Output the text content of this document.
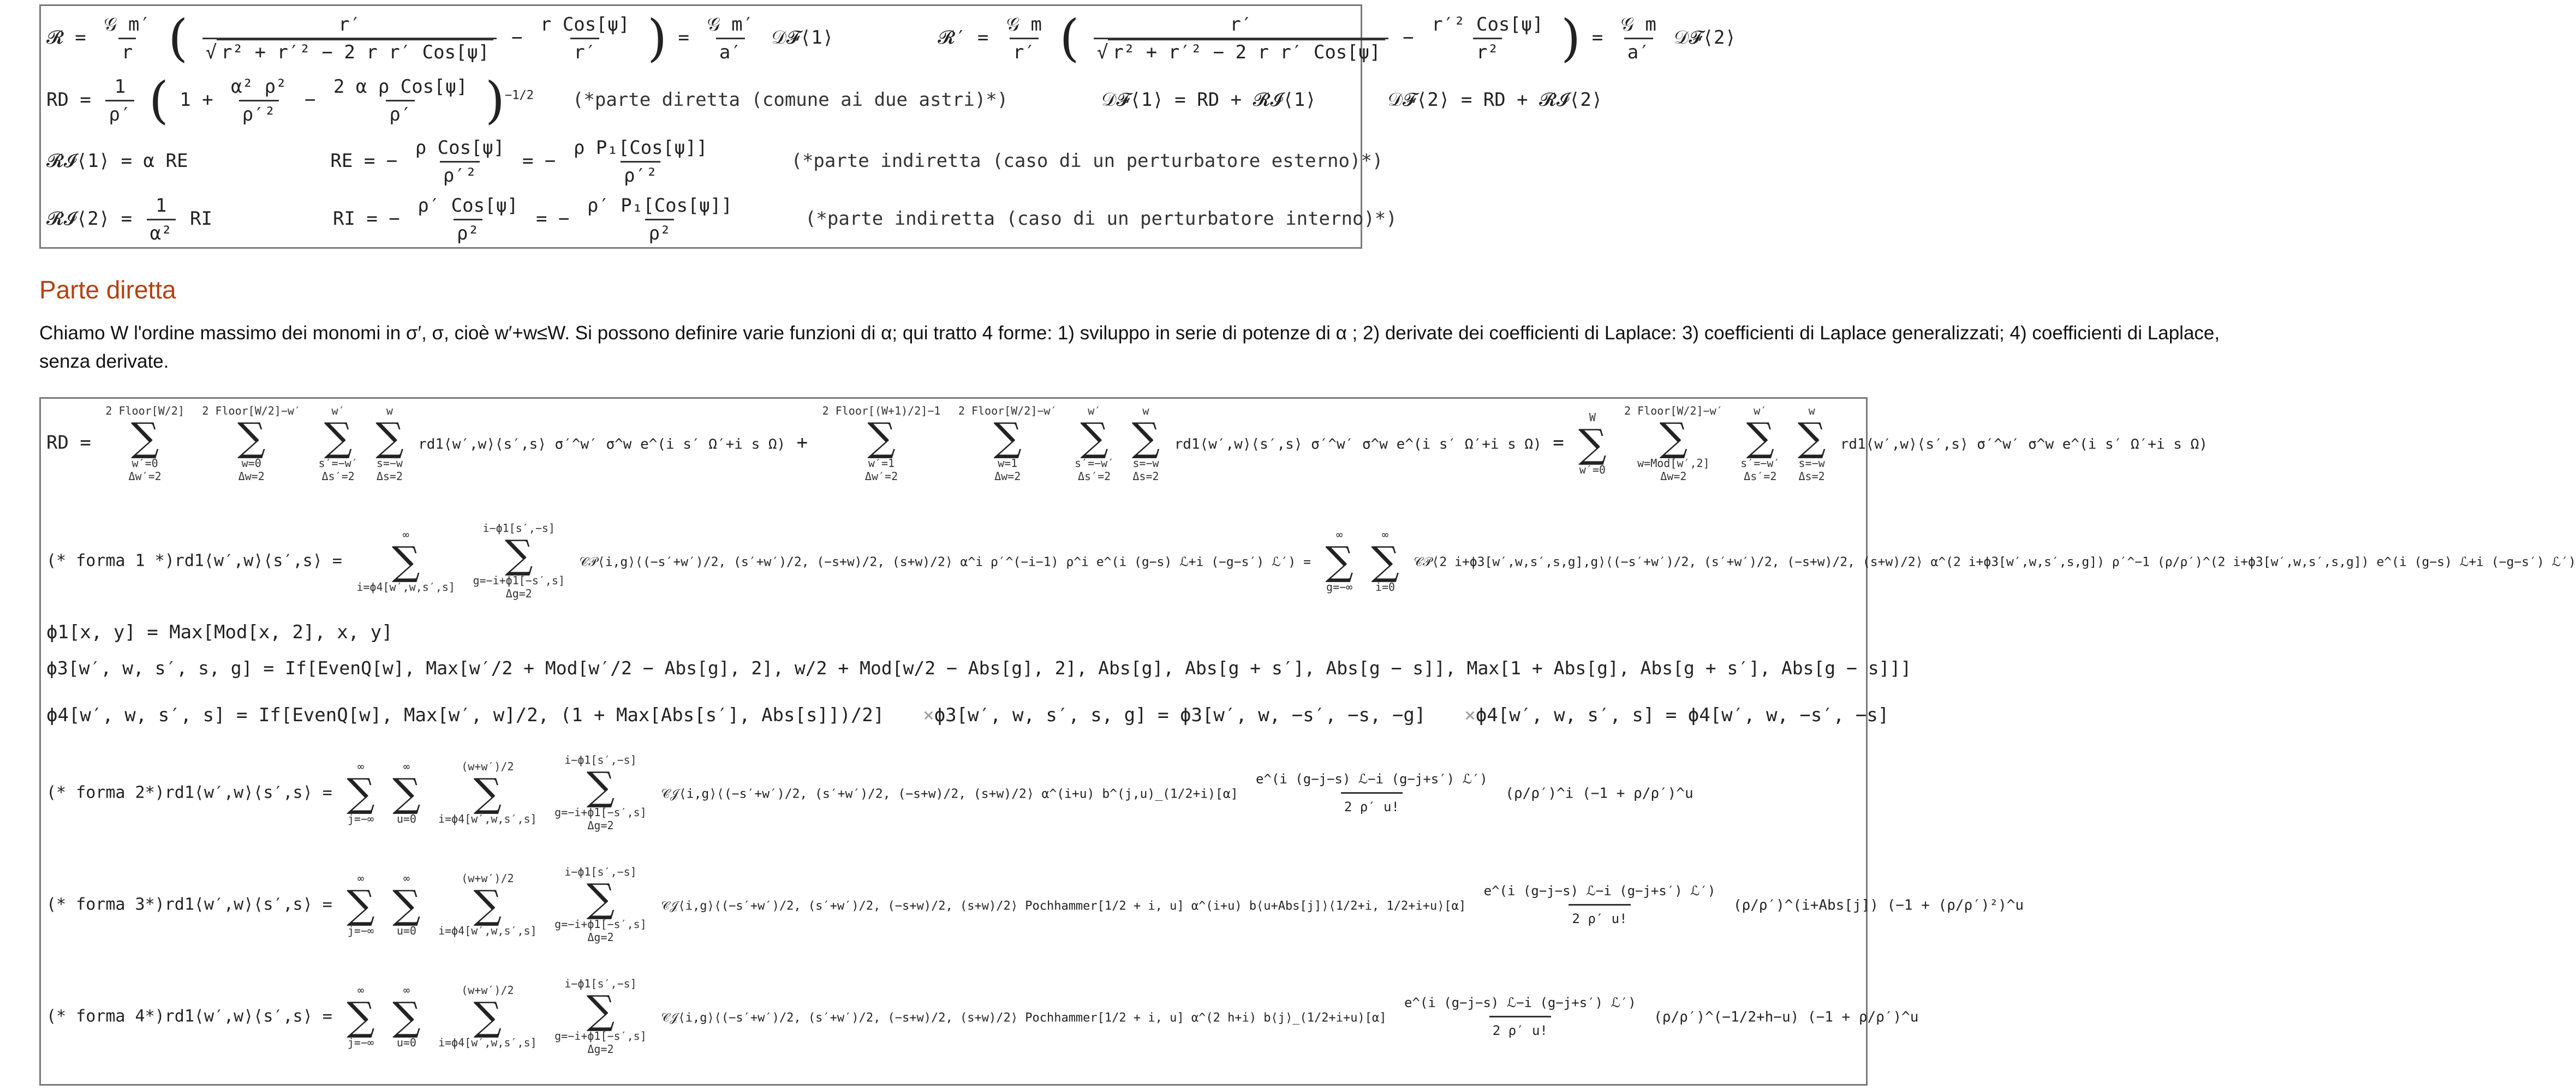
𝓡 = $\frac{\text{𝒢 m′}}{r}$ ( $\frac{r'}{\text{√ r² + r′² − 2 r r′ Cos[ψ]}} - \frac{\text{r Cos[ψ]}}{r'}$ ) = $\frac{\text{𝒢 m′}}{a'}$ 𝒟𝓕⟨1⟩	𝓡′ = $\frac{\text{𝒢 m}}{r'}$ ( $\frac{r'}{\text{√ r² + r′² − 2 r r′ Cos[ψ]}} - \frac{\text{r′² Cos[ψ]}}{\text{r²}}$ ) = $\frac{\text{𝒢 m}}{a'}$ 𝒟𝓕⟨2⟩
RD = $\frac{1}{\rho'}$ ( $1 + \frac{\text{α² ρ²}}{\text{ρ′²}} - \frac{\text{2 α ρ Cos[ψ]}}{\rho'} )^{-1/2}$ (*parte diretta (comune ai due astri)*)	𝒟𝓕⟨1⟩ = RD + 𝓡𝓘⟨1⟩	𝒟𝓕⟨2⟩ = RD + 𝓡𝓘⟨2⟩
𝓡𝓘⟨1⟩ = α RE	RE = − $\frac{\text{ρ Cos[ψ]}}{\text{ρ′²}}$ = − $\frac{\text{ρ P₁[Cos[ψ]]}}{\text{ρ′²}}$	(*parte indiretta (caso di un perturbatore esterno)*)
𝓡𝓘⟨2⟩ = $\frac{1}{\text{α²}}$ RI	RI = − $\frac{\text{ρ′ Cos[ψ]}}{\text{ρ²}}$ = − $\frac{\text{ρ′ P₁[Cos[ψ]]}}{\text{ρ²}}$	(*parte indiretta (caso di un perturbatore interno)*)
Parte diretta
Chiamo W l'ordine massimo dei monomi in σ′, σ, cioè w′+w≤W. Si possono definire varie funzioni di α; qui tratto 4 forme: 1) sviluppo in serie di potenze di α ; 2) derivate dei coefficienti di Laplace: 3) coefficienti di Laplace generalizzati; 4) coefficienti di Laplace, senza derivate.
RD =
2 Floor[W/2]
∑
w′=0
Δw′=2

2 Floor[W/2]−w′
∑
w=0
Δw=2

w′
∑
s′=−w′
Δs′=2

w
∑
s=−w
Δs=2
rd1⟨w′,w⟩⟨s′,s⟩ σ′^w′ σ^w e^(i s′ Ω′+i s Ω) +
2 Floor[(W+1)/2]−1
∑
w′=1
Δw′=2

2 Floor[W/2]−w′
∑
w=1
Δw=2

w′
∑
s′=−w′
Δs′=2

w
∑
s=−w
Δs=2
rd1⟨w′,w⟩⟨s′,s⟩ σ′^w′ σ^w e^(i s′ Ω′+i s Ω) =
W
∑
w′=0

2 Floor[W/2]−w′
∑
w=Mod[w′,2]
Δw=2

w′
∑
s′=−w′
Δs′=2

w
∑
s=−w
Δs=2
rd1⟨w′,w⟩⟨s′,s⟩ σ′^w′ σ^w e^(i s′ Ω′+i s Ω)
(* forma 1 *)rd1⟨w′,w⟩⟨s′,s⟩ =
∞
∑
i=ϕ4[w′,w,s′,s]

i−ϕ1[s′,−s]
∑
g=−i+ϕ1[−s′,s]
Δg=2
𝒞𝒫⟨i,g⟩⟨(−s′+w′)/2, (s′+w′)/2, (−s+w)/2, (s+w)/2⟩ α^i ρ′^(−i−1) ρ^i e^(i (g−s) ℒ+i (−g−s′) ℒ′) =
∞
∑
g=−∞

∞
∑
i=0
𝒞𝒫⟨2 i+ϕ3[w′,w,s′,s,g],g⟩⟨(−s′+w′)/2, (s′+w′)/2, (−s+w)/2, (s+w)/2⟩ α^(2 i+ϕ3[w′,w,s′,s,g]) ρ′^−1 (ρ/ρ′)^(2 i+ϕ3[w′,w,s′,s,g]) e^(i (g−s) ℒ+i (−g−s′) ℒ′)
ϕ1[x, y] = Max[Mod[x, 2], x, y]
ϕ3[w′, w, s′, s, g] = If[EvenQ[w], Max[w′/2 + Mod[w′/2 − Abs[g], 2], w/2 + Mod[w/2 − Abs[g], 2], Abs[g], Abs[g + s′], Abs[g − s]], Max[1 + Abs[g], Abs[g + s′], Abs[g − s]]]
ϕ4[w′, w, s′, s] = If[EvenQ[w], Max[w′, w]/2, (1 + Max[Abs[s′], Abs[s]])/2] ×ϕ3[w′, w, s′, s, g] = ϕ3[w′, w, −s′, −s, −g] ×ϕ4[w′, w, s′, s] = ϕ4[w′, w, −s′, −s]
(* forma 2*)rd1⟨w′,w⟩⟨s′,s⟩ =
∞
∑
j=−∞

∞
∑
u=0

(w+w′)/2
∑
i=ϕ4[w′,w,s′,s]

i−ϕ1[s′,−s]
∑
g=−i+ϕ1[−s′,s]
Δg=2
𝒞𝒥⟨i,g⟩⟨(−s′+w′)/2, (s′+w′)/2, (−s+w)/2, (s+w)/2⟩ α^(i+u) b^(j,u)_(1/2+i)[α] $\frac{\text{e\textasciicircum{}(i (g−j−s) ℒ−i (g−j+s′) ℒ′)}}{2 \rho' u!}$ (ρ/ρ′)^i (−1 + ρ/ρ′)^u
(* forma 3*)rd1⟨w′,w⟩⟨s′,s⟩ =
∞
∑
j=−∞

∞
∑
u=0

(w+w′)/2
∑
i=ϕ4[w′,w,s′,s]

i−ϕ1[s′,−s]
∑
g=−i+ϕ1[−s′,s]
Δg=2
𝒞𝒥⟨i,g⟩⟨(−s′+w′)/2, (s′+w′)/2, (−s+w)/2, (s+w)/2⟩ Pochhammer[1/2 + i, u] α^(i+u) b⟨u+Abs[j]⟩⟨1/2+i, 1/2+i+u⟩[α] $\frac{\text{e\textasciicircum{}(i (g−j−s) ℒ−i (g−j+s′) ℒ′)}}{2 \rho' u!}$ (ρ/ρ′)^(i+Abs[j]) (−1 + (ρ/ρ′)²)^u
(* forma 4*)rd1⟨w′,w⟩⟨s′,s⟩ =
∞
∑
j=−∞

∞
∑
u=0

(w+w′)/2
∑
i=ϕ4[w′,w,s′,s]

i−ϕ1[s′,−s]
∑
g=−i+ϕ1[−s′,s]
Δg=2
𝒞𝒥⟨i,g⟩⟨(−s′+w′)/2, (s′+w′)/2, (−s+w)/2, (s+w)/2⟩ Pochhammer[1/2 + i, u] α^(2 h+i) b⟨j⟩_(1/2+i+u)[α] $\frac{\text{e\textasciicircum{}(i (g−j−s) ℒ−i (g−j+s′) ℒ′)}}{2 \rho' u!}$ (ρ/ρ′)^(−1/2+h−u) (−1 + ρ/ρ′)^u
